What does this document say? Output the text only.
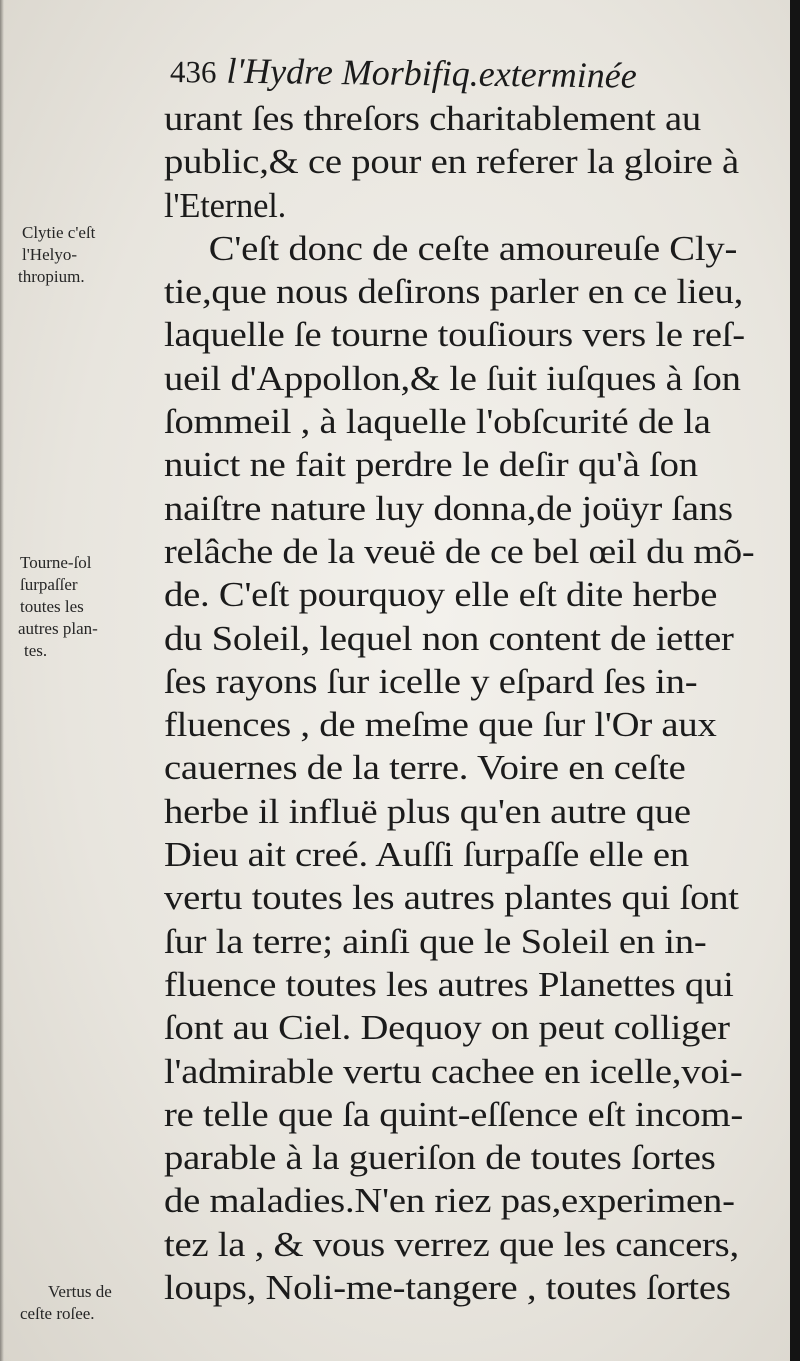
436 l'Hydre Morbifiq.exterminée
urant ſes threſors charitablement au
public,& ce pour en referer la gloire à
l'Eternel.
C'eſt donc de ceſte amoureuſe Cly-
tie,que nous deſirons parler en ce lieu,
laquelle ſe tourne touſiours vers le reſ-
ueil d'Appollon,& le ſuit iuſques à ſon
ſommeil , à laquelle l'obſcurité de la
nuict ne fait perdre le deſir qu'à ſon
naiſtre nature luy donna,de joüyr ſans
relâche de la veuë de ce bel œil du mõ-
de. C'eſt pourquoy elle eſt dite herbe
du Soleil, lequel non content de ietter
ſes rayons ſur icelle y eſpard ſes in-
fluences , de meſme que ſur l'Or aux
cauernes de la terre. Voire en ceſte
herbe il influë plus qu'en autre que
Dieu ait creé. Auſſi ſurpaſſe elle en
vertu toutes les autres plantes qui ſont
ſur la terre; ainſi que le Soleil en in-
fluence toutes les autres Planettes qui
ſont au Ciel. Dequoy on peut colliger
l'admirable vertu cachee en icelle,voi-
re telle que ſa quint-eſſence eſt incom-
parable à la gueriſon de toutes ſortes
de maladies.N'en riez pas,experimen-
tez la , & vous verrez que les cancers,
loups, Noli-me-tangere , toutes ſortes
Clytie c'eſt
l'Helyo-
thropium.
Tourne-ſol
ſurpaſſer
toutes les
autres plan-
tes.
Vertus de
ceſte roſee.
